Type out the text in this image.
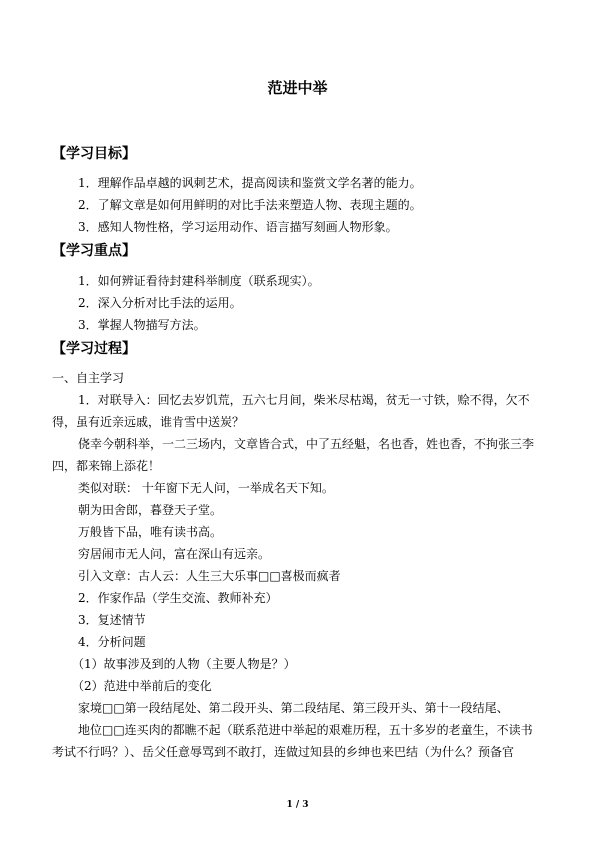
范进中举
【学习目标】
1．理解作品卓越的讽刺艺术，提高阅读和鉴赏文学名著的能力。
2．了解文章是如何用鲜明的对比手法来塑造人物、表现主题的。
3．感知人物性格，学习运用动作、语言描写刻画人物形象。
【学习重点】
1．如何辨证看待封建科举制度（联系现实）。
2．深入分析对比手法的运用。
3．掌握人物描写方法。
【学习过程】
一、自主学习
1．对联导入：回忆去岁饥荒，五六七月间，柴米尽枯竭，贫无一寸铁，赊不得，欠不
得，虽有近亲远戚，谁肯雪中送炭？
侥幸今朝科举，一二三场内，文章皆合式，中了五经魁，名也香，姓也香，不拘张三李
四，都来锦上添花！
类似对联： 十年窗下无人问，一举成名天下知。
朝为田舍郎，暮登天子堂。
万般皆下品，唯有读书高。
穷居闹市无人问，富在深山有远亲。
引入文章：古人云：人生三大乐事□□喜极而疯者
2．作家作品（学生交流、教师补充）
3．复述情节
4．分析问题
（1）故事涉及到的人物（主要人物是？）
（2）范进中举前后的变化
家境□□第一段结尾处、第二段开头、第二段结尾、第三段开头、第十一段结尾、
地位□□连买肉的都瞧不起（联系范进中举起的艰难历程，五十多岁的老童生，不读书
考试不行吗？）、岳父任意辱骂到不敢打，连做过知县的乡绅也来巴结（为什么？预备官
1 / 3
